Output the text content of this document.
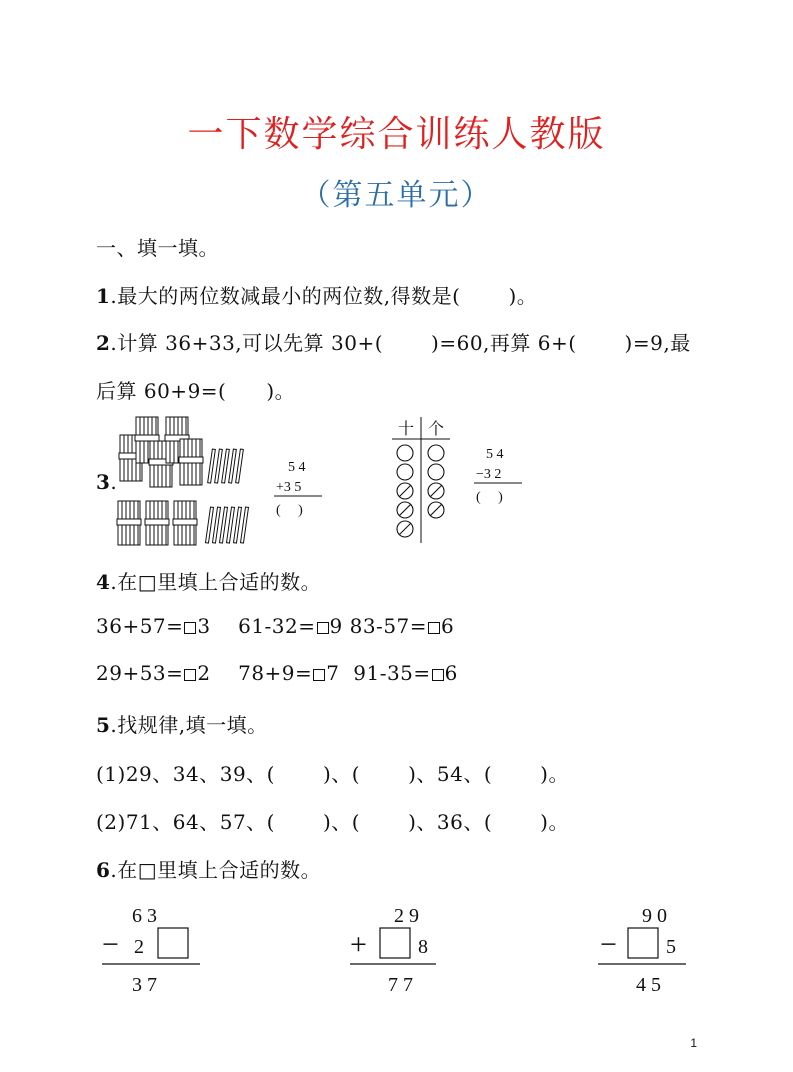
一下数学综合训练人教版
（第五单元）
一、填一填。
1.最大的两位数减最小的两位数,得数是( )。
2.计算 36+33,可以先算 30+( )=60,再算 6+( )=9,最
后算 60+9=( )。
3.
5 4
+3 5
(　 )
十 个
5 4
−3 2
(　 )
4.在□里填上合适的数。
36+57= 3 61-32= 9 83-57= 6
29+53= 2 78+9= 7 91-35= 6
5.找规律,填一填。
(1)29、34、39、( )、( )、54、( )。
(2)71、64、57、( )、( )、36、( )。
6.在□里填上合适的数。
6 3
− 2
3 7
2 9
+	8
7 7
9 0
− 5
4 5
1
